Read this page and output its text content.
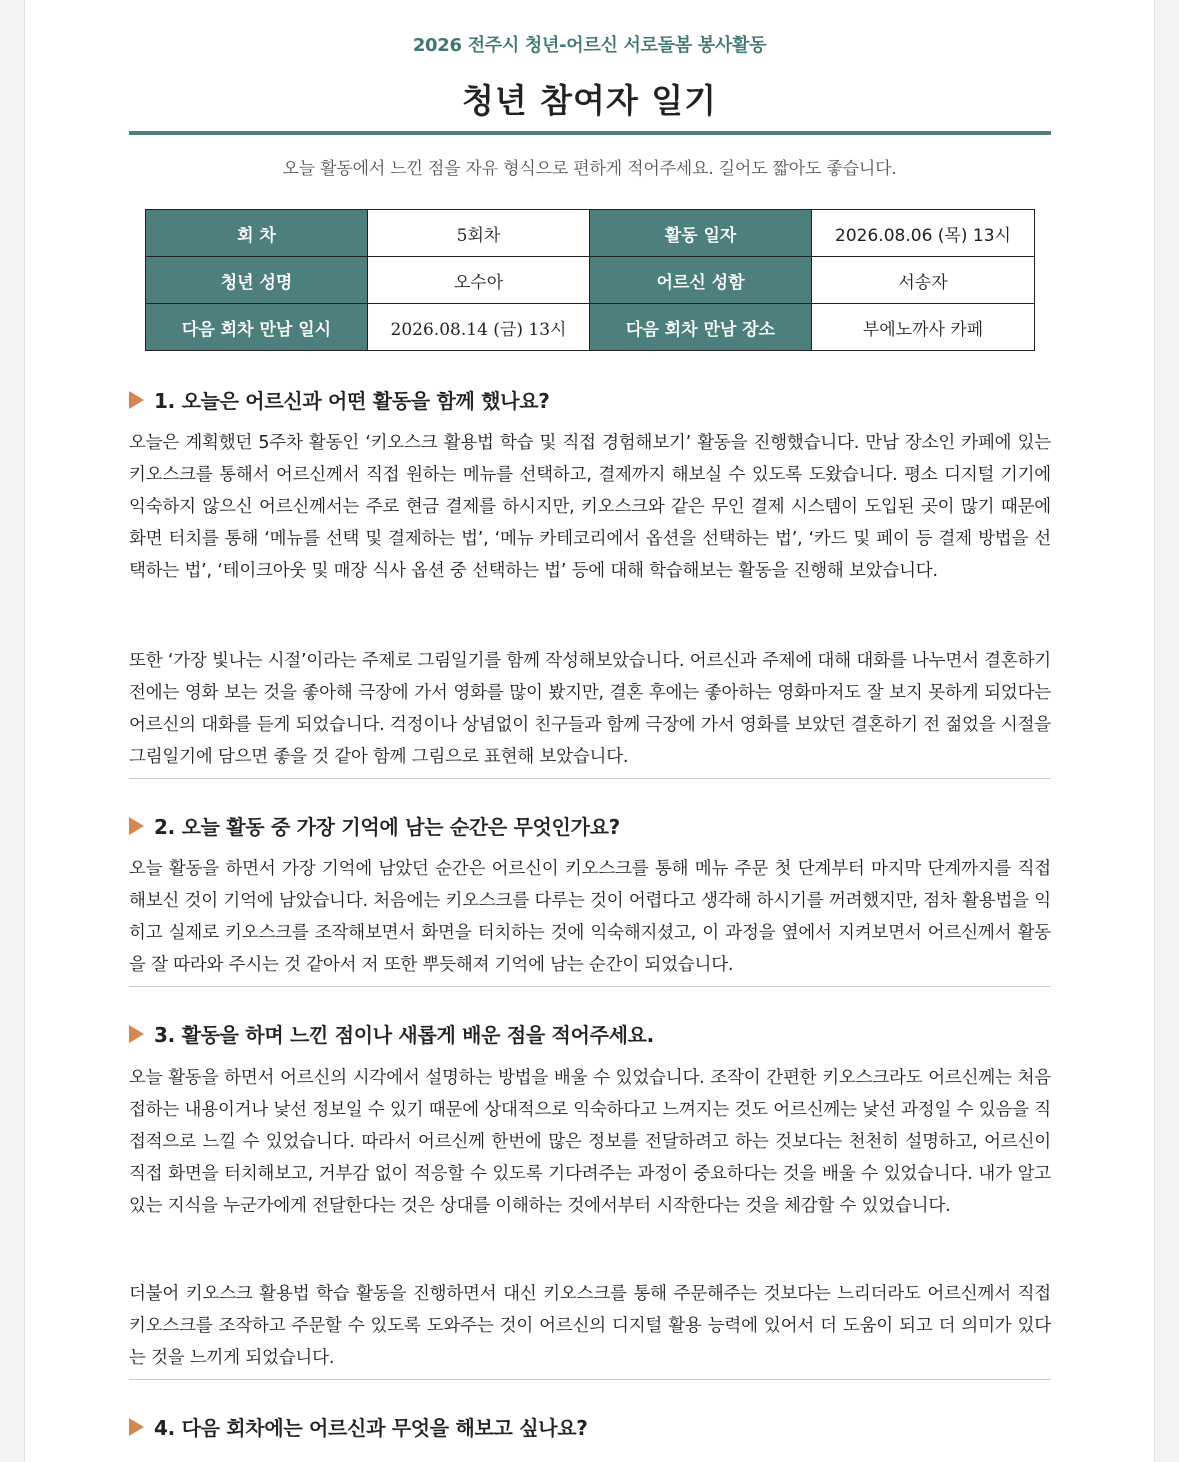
2026 전주시 청년-어르신 서로돌봄 봉사활동
청년 참여자 일기
오늘 활동에서 느낀 점을 자유 형식으로 편하게 적어주세요. 길어도 짧아도 좋습니다.
회 차	5회차	활동 일자	2026.08.06 (목) 13시
청년 성명	오수아	어르신 성함	서송자
다음 회차 만남 일시	2026.08.14 (금) 13시	다음 회차 만남 장소	부에노까사 카페
1. 오늘은 어르신과 어떤 활동을 함께 했나요?
오늘은 계획했던 5주차 활동인 ‘키오스크 활용법 학습 및 직접 경험해보기’ 활동을 진행했습니다. 만남 장소인 카페에 있는 키오스크를 통해서 어르신께서 직접 원하는 메뉴를 선택하고, 결제까지 해보실 수 있도록 도왔습니다. 평소 디지털 기기에 익숙하지 않으신 어르신께서는 주로 현금 결제를 하시지만, 키오스크와 같은 무인 결제 시스템이 도입된 곳이 많기 때문에 화면 터치를 통해 ‘메뉴를 선택 및 결제하는 법’, ‘메뉴 카테코리에서 옵션을 선택하는 법’, ‘카드 및 페이 등 결제 방법을 선택하는 법’, ‘테이크아웃 및 매장 식사 옵션 중 선택하는 법’ 등에 대해 학습해보는 활동을 진행해 보았습니다.
또한 ‘가장 빛나는 시절’이라는 주제로 그림일기를 함께 작성해보았습니다. 어르신과 주제에 대해 대화를 나누면서 결혼하기 전에는 영화 보는 것을 좋아해 극장에 가서 영화를 많이 봤지만, 결혼 후에는 좋아하는 영화마저도 잘 보지 못하게 되었다는 어르신의 대화를 듣게 되었습니다. 걱정이나 상념없이 친구들과 함께 극장에 가서 영화를 보았던 결혼하기 전 젊었을 시절을 그림일기에 담으면 좋을 것 같아 함께 그림으로 표현해 보았습니다.
2. 오늘 활동 중 가장 기억에 남는 순간은 무엇인가요?
오늘 활동을 하면서 가장 기억에 남았던 순간은 어르신이 키오스크를 통해 메뉴 주문 첫 단계부터 마지막 단계까지를 직접 해보신 것이 기억에 남았습니다. 처음에는 키오스크를 다루는 것이 어렵다고 생각해 하시기를 꺼려했지만, 점차 활용법을 익히고 실제로 키오스크를 조작해보면서 화면을 터치하는 것에 익숙해지셨고, 이 과정을 옆에서 지켜보면서 어르신께서 활동을 잘 따라와 주시는 것 같아서 저 또한 뿌듯해져 기억에 남는 순간이 되었습니다.
3. 활동을 하며 느낀 점이나 새롭게 배운 점을 적어주세요.
오늘 활동을 하면서 어르신의 시각에서 설명하는 방법을 배울 수 있었습니다. 조작이 간편한 키오스크라도 어르신께는 처음 접하는 내용이거나 낯선 정보일 수 있기 때문에 상대적으로 익숙하다고 느껴지는 것도 어르신께는 낯선 과정일 수 있음을 직접적으로 느낄 수 있었습니다. 따라서 어르신께 한번에 많은 정보를 전달하려고 하는 것보다는 천천히 설명하고, 어르신이 직접 화면을 터치해보고, 거부감 없이 적응할 수 있도록 기다려주는 과정이 중요하다는 것을 배울 수 있었습니다. 내가 알고 있는 지식을 누군가에게 전달한다는 것은 상대를 이해하는 것에서부터 시작한다는 것을 체감할 수 있었습니다.
더불어 키오스크 활용법 학습 활동을 진행하면서 대신 키오스크를 통해 주문해주는 것보다는 느리더라도 어르신께서 직접 키오스크를 조작하고 주문할 수 있도록 도와주는 것이 어르신의 디지털 활용 능력에 있어서 더 도움이 되고 더 의미가 있다는 것을 느끼게 되었습니다.
4. 다음 회차에는 어르신과 무엇을 해보고 싶나요?
